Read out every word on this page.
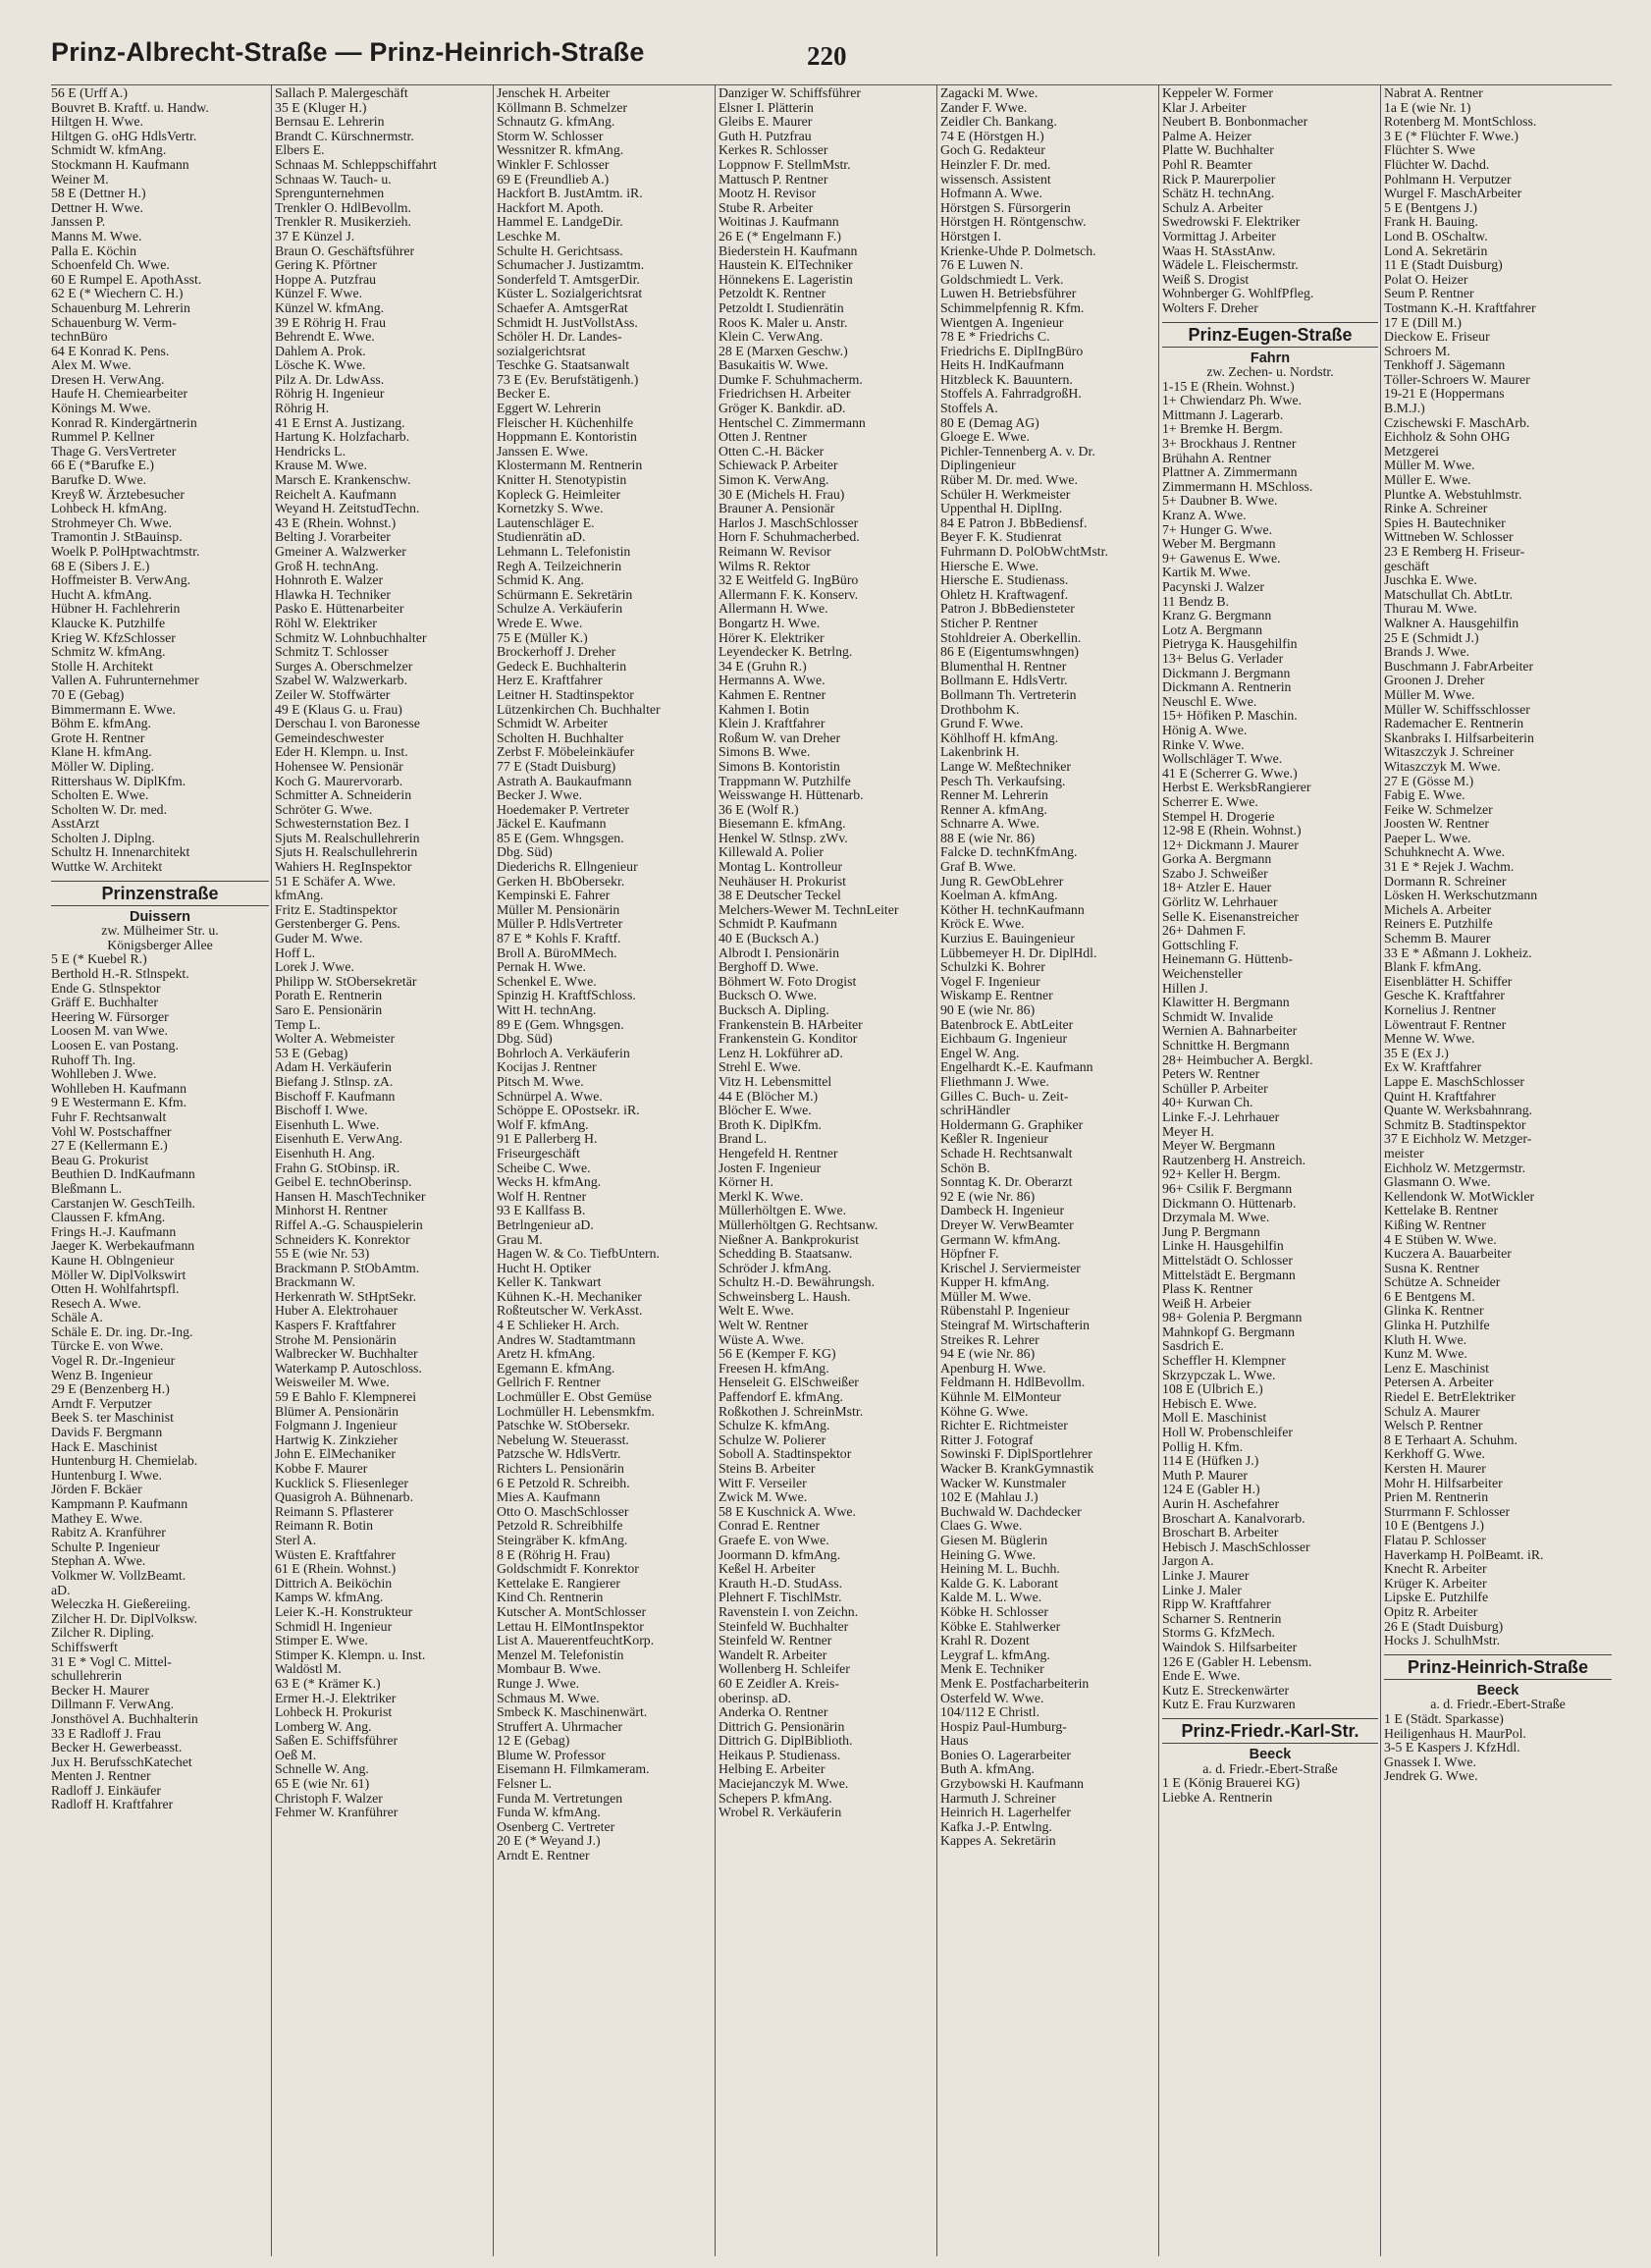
Prinz-Albrecht-Straße — Prinz-Heinrich-Straße	220
56 E (Urff A.)
Bouvret B. Kraftf. u. Handw.
Hiltgen H. Wwe.
Hiltgen G. oHG HdlsVertr.
Schmidt W. kfmAng.
Stockmann H. Kaufmann
Weiner M.
58 E (Dettner H.)
Dettner H. Wwe.
Janssen P.
Manns M. Wwe.
Palla E. Köchin
Schoenfeld Ch. Wwe.
60 E Rumpel E. ApothAsst.
62 E (* Wiechern C. H.)
Schauenburg M. Lehrerin
Schauenburg W. Verm-
technBüro
64 E Konrad K. Pens.
Alex M. Wwe.
Dresen H. VerwAng.
Haufe H. Chemiearbeiter
Könings M. Wwe.
Konrad R. Kindergärtnerin
Rummel P. Kellner
Thage G. VersVertreter
66 E (*Barufke E.)
Barufke D. Wwe.
Kreyß W. Ärztebesucher
Lohbeck H. kfmAng.
Strohmeyer Ch. Wwe.
Tramontin J. StBauinsp.
Woelk P. PolHptwachtmstr.
68 E (Sibers J. E.)
Hoffmeister B. VerwAng.
Hucht A. kfmAng.
Hübner H. Fachlehrerin
Klaucke K. Putzhilfe
Krieg W. KfzSchlosser
Schmitz W. kfmAng.
Stolle H. Architekt
Vallen A. Fuhrunternehmer
70 E (Gebag)
Bimmermann E. Wwe.
Böhm E. kfmAng.
Grote H. Rentner
Klane H. kfmAng.
Möller W. Dipling.
Rittershaus W. DiplKfm.
Scholten E. Wwe.
Scholten W. Dr. med.
AsstArzt
Scholten J. Diplng.
Schultz H. Innenarchitekt
Wuttke W. Architekt
Prinzenstraße
Duissern
zw. Mülheimer Str. u.
Königsberger Allee
5 E (* Kuebel R.)
Berthold H.-R. Stlnspekt.
Ende G. Stlnspektor
Gräff E. Buchhalter
Heering W. Fürsorger
Loosen M. van Wwe.
Loosen E. van Postang.
Ruhoff Th. Ing.
Wohlleben J. Wwe.
Wohlleben H. Kaufmann
9 E Westermann E. Kfm.
Fuhr F. Rechtsanwalt
Vohl W. Postschaffner
27 E (Kellermann E.)
Beau G. Prokurist
Beuthien D. IndKaufmann
Bleßmann L.
Carstanjen W. GeschTeilh.
Claussen F. kfmAng.
Frings H.-J. Kaufmann
Jaeger K. Werbekaufmann
Kaune H. Oblngenieur
Möller W. DiplVolkswirt
Otten H. Wohlfahrtspfl.
Resech A. Wwe.
Schäle A.
Schäle E. Dr. ing. Dr.-Ing.
Türcke E. von Wwe.
Vogel R. Dr.-Ingenieur
Wenz B. Ingenieur
29 E (Benzenberg H.)
Arndt F. Verputzer
Beek S. ter Maschinist
Davids F. Bergmann
Hack E. Maschinist
Huntenburg H. Chemielab.
Huntenburg I. Wwe.
Jörden F. Bckäer
Kampmann P. Kaufmann
Mathey E. Wwe.
Rabitz A. Kranführer
Schulte P. Ingenieur
Stephan A. Wwe.
Volkmer W. VollzBeamt.
aD.
Weleczka H. Gießereiing.
Zilcher H. Dr. DiplVolksw.
Zilcher R. Dipling.
Schiffswerft
31 E * Vogl C. Mittel-
schullehrerin
Becker H. Maurer
Dillmann F. VerwAng.
Jonsthövel A. Buchhalterin
33 E Radloff J. Frau
Becker H. Gewerbeasst.
Jux H. BerufsschKatechet
Menten J. Rentner
Radloff J. Einkäufer
Radloff H. Kraftfahrer
Sallach P. Malergeschäft
35 E (Kluger H.)
Bernsau E. Lehrerin
Brandt C. Kürschnermstr.
Elbers E.
Schnaas M. Schleppschiffahrt
Schnaas W. Tauch- u.
Sprengunternehmen
Trenkler O. HdlBevollm.
Trenkler R. Musikerzieh.
37 E Künzel J.
Braun O. Geschäftsführer
Gering K. Pförtner
Hoppe A. Putzfrau
Künzel F. Wwe.
Künzel W. kfmAng.
39 E Röhrig H. Frau
Behrendt E. Wwe.
Dahlem A. Prok.
Lösche K. Wwe.
Pilz A. Dr. LdwAss.
Röhrig H. Ingenieur
Röhrig H.
41 E Ernst A. Justizang.
Hartung K. Holzfacharb.
Hendricks L.
Krause M. Wwe.
Marsch E. Krankenschw.
Reichelt A. Kaufmann
Weyand H. ZeitstudTechn.
43 E (Rhein. Wohnst.)
Belting J. Vorarbeiter
Gmeiner A. Walzwerker
Groß H. technAng.
Hohnroth E. Walzer
Hlawka H. Techniker
Pasko E. Hüttenarbeiter
Röhl W. Elektriker
Schmitz W. Lohnbuchhalter
Schmitz T. Schlosser
Surges A. Oberschmelzer
Szabel W. Walzwerkarb.
Zeiler W. Stoffwärter
49 E (Klaus G. u. Frau)
Derschau I. von Baronesse
Gemeindeschwester
Eder H. Klempn. u. Inst.
Hohensee W. Pensionär
Koch G. Maurervorarb.
Schmitter A. Schneiderin
Schröter G. Wwe.
Schwesternstation Bez. I
Sjuts M. Realschullehrerin
Sjuts H. Realschullehrerin
Wahiers H. RegInspektor
51 E Schäfer A. Wwe.
kfmAng.
Fritz E. Stadtinspektor
Gerstenberger G. Pens.
Guder M. Wwe.
Hoff L.
Lorek J. Wwe.
Philipp W. StObersekretär
Porath E. Rentnerin
Saro E. Pensionärin
Temp L.
Wolter A. Webmeister
53 E (Gebag)
Adam H. Verkäuferin
Biefang J. Stlnsp. zA.
Bischoff F. Kaufmann
Bischoff I. Wwe.
Eisenhuth L. Wwe.
Eisenhuth E. VerwAng.
Eisenhuth H. Ang.
Frahn G. StObinsp. iR.
Geibel E. technOberinsp.
Hansen H. MaschTechniker
Minhorst H. Rentner
Riffel A.-G. Schauspielerin
Schneiders K. Konrektor
55 E (wie Nr. 53)
Brackmann P. StObAmtm.
Brackmann W.
Herkenrath W. StHptSekr.
Huber A. Elektrohauer
Kaspers F. Kraftfahrer
Strohe M. Pensionärin
Walbrecker W. Buchhalter
Waterkamp P. Autoschloss.
Weisweiler M. Wwe.
59 E Bahlo F. Klempnerei
Blümer A. Pensionärin
Folgmann J. Ingenieur
Hartwig K. Zinkzieher
John E. ElMechaniker
Kobbe F. Maurer
Kucklick S. Fliesenleger
Quasigroh A. Bühnenarb.
Reimann S. Pflasterer
Reimann R. Botin
Sterl A.
Wüsten E. Kraftfahrer
61 E (Rhein. Wohnst.)
Dittrich A. Beiköchin
Kamps W. kfmAng.
Leier K.-H. Konstrukteur
Schmidl H. Ingenieur
Stimper E. Wwe.
Stimper K. Klempn. u. Inst.
Waldöstl M.
63 E (* Krämer K.)
Ermer H.-J. Elektriker
Lohbeck H. Prokurist
Lomberg W. Ang.
Saßen E. Schiffsführer
Oeß M.
Schnelle W. Ang.
65 E (wie Nr. 61)
Christoph F. Walzer
Fehmer W. Kranführer
Jenschek H. Arbeiter
Köllmann B. Schmelzer
Schnautz G. kfmAng.
Storm W. Schlosser
Wessnitzer R. kfmAng.
Winkler F. Schlosser
69 E (Freundlieb A.)
Hackfort B. JustAmtm. iR.
Hackfort M. Apoth.
Hammel E. LandgeDir.
Leschke M.
Schulte H. Gerichtsass.
Schumacher J. Justizamtm.
Sonderfeld T. AmtsgerDir.
Küster L. Sozialgerichtsrat
Schaefer A. AmtsgerRat
Schmidt H. JustVollstAss.
Schöler H. Dr. Landes-
sozialgerichtsrat
Teschke G. Staatsanwalt
73 E (Ev. Berufstätigenh.)
Becker E.
Eggert W. Lehrerin
Fleischer H. Küchenhilfe
Hoppmann E. Kontoristin
Janssen E. Wwe.
Klostermann M. Rentnerin
Knitter H. Stenotypistin
Kopleck G. Heimleiter
Kornetzky S. Wwe.
Lautenschläger E.
Studienrätin aD.
Lehmann L. Telefonistin
Regh A. Teilzeichnerin
Schmid K. Ang.
Schürmann E. Sekretärin
Schulze A. Verkäuferin
Wrede E. Wwe.
75 E (Müller K.)
Brockerhoff J. Dreher
Gedeck E. Buchhalterin
Herz E. Kraftfahrer
Leitner H. Stadtinspektor
Lützenkirchen Ch. Buchhalter
Schmidt W. Arbeiter
Scholten H. Buchhalter
Zerbst F. Möbeleinkäufer
77 E (Stadt Duisburg)
Astrath A. Baukaufmann
Becker J. Wwe.
Hoedemaker P. Vertreter
Jäckel E. Kaufmann
85 E (Gem. Whngsgen.
Dbg. Süd)
Diederichs R. Ellngenieur
Gerken H. BbObersekr.
Kempinski E. Fahrer
Müller M. Pensionärin
Müller P. HdlsVertreter
87 E * Kohls F. Kraftf.
Broll A. BüroMMech.
Pernak H. Wwe.
Schenkel E. Wwe.
Spinzig H. KraftfSchloss.
Witt H. technAng.
89 E (Gem. Whngsgen.
Dbg. Süd)
Bohrloch A. Verkäuferin
Kocijas J. Rentner
Pitsch M. Wwe.
Schnürpel A. Wwe.
Schöppe E. OPostsekr. iR.
Wolf F. kfmAng.
91 E Pallerberg H.
Friseurgeschäft
Scheibe C. Wwe.
Wecks H. kfmAng.
Wolf H. Rentner
93 E Kallfass B.
Betrlngenieur aD.
Grau M.
Hagen W. & Co. TiefbUntern.
Hucht H. Optiker
Keller K. Tankwart
Kühnen K.-H. Mechaniker
Roßteutscher W. VerkAsst.
4 E Schlieker H. Arch.
Andres W. Stadtamtmann
Aretz H. kfmAng.
Egemann E. kfmAng.
Gellrich F. Rentner
Lochmüller E. Obst Gemüse
Lochmüller H. Lebensmkfm.
Patschke W. StObersekr.
Nebelung W. Steuerasst.
Patzsche W. HdlsVertr.
Richters L. Pensionärin
6 E Petzold R. Schreibh.
Mies A. Kaufmann
Otto O. MaschSchlosser
Petzold R. Schreibhilfe
Steingräber K. kfmAng.
8 E (Röhrig H. Frau)
Goldschmidt F. Konrektor
Kettelake E. Rangierer
Kind Ch. Rentnerin
Kutscher A. MontSchlosser
Lettau H. ElMontInspektor
List A. MauerentfeuchtKorp.
Menzel M. Telefonistin
Mombaur B. Wwe.
Runge J. Wwe.
Schmaus M. Wwe.
Smbeck K. Maschinenwärt.
Struffert A. Uhrmacher
12 E (Gebag)
Blume W. Professor
Eisemann H. Filmkameram.
Felsner L.
Funda M. Vertretungen
Funda W. kfmAng.
Osenberg C. Vertreter
20 E (* Weyand J.)
Arndt E. Rentner
Danziger W. Schiffsführer
Elsner I. Plätterin
Gleibs E. Maurer
Guth H. Putzfrau
Kerkes R. Schlosser
Loppnow F. StellmMstr.
Mattusch P. Rentner
Mootz H. Revisor
Stube R. Arbeiter
Woitinas J. Kaufmann
26 E (* Engelmann F.)
Biederstein H. Kaufmann
Haustein K. ElTechniker
Hönnekens E. Lageristin
Petzoldt K. Rentner
Petzoldt I. Studienrätin
Roos K. Maler u. Anstr.
Klein C. VerwAng.
28 E (Marxen Geschw.)
Basukaitis W. Wwe.
Dumke F. Schuhmacherm.
Friedrichsen H. Arbeiter
Gröger K. Bankdir. aD.
Hentschel C. Zimmermann
Otten J. Rentner
Otten C.-H. Bäcker
Schiewack P. Arbeiter
Simon K. VerwAng.
30 E (Michels H. Frau)
Brauner A. Pensionär
Harlos J. MaschSchlosser
Horn F. Schuhmacherbed.
Reimann W. Revisor
Wilms R. Rektor
32 E Weitfeld G. IngBüro
Allermann F. K. Konserv.
Allermann H. Wwe.
Bongartz H. Wwe.
Hörer K. Elektriker
Leyendecker K. Betrlng.
34 E (Gruhn R.)
Hermanns A. Wwe.
Kahmen E. Rentner
Kahmen I. Botin
Klein J. Kraftfahrer
Roßum W. van Dreher
Simons B. Wwe.
Simons B. Kontoristin
Trappmann W. Putzhilfe
Weisswange H. Hüttenarb.
36 E (Wolf R.)
Biesemann E. kfmAng.
Henkel W. Stlnsp. zWv.
Killewald A. Polier
Montag L. Kontrolleur
Neuhäuser H. Prokurist
38 E Deutscher Teckel
Melchers-Wewer M. TechnLeiter
Schmidt P. Kaufmann
40 E (Bucksch A.)
Albrodt I. Pensionärin
Berghoff D. Wwe.
Böhmert W. Foto Drogist
Bucksch O. Wwe.
Bucksch A. Dipling.
Frankenstein B. HArbeiter
Frankenstein G. Konditor
Lenz H. Lokführer aD.
Strehl E. Wwe.
Vitz H. Lebensmittel
44 E (Blöcher M.)
Blöcher E. Wwe.
Broth K. DiplKfm.
Brand L.
Hengefeld H. Rentner
Josten F. Ingenieur
Körner H.
Merkl K. Wwe.
Müllerhöltgen E. Wwe.
Müllerhöltgen G. Rechtsanw.
Nießner A. Bankprokurist
Schedding B. Staatsanw.
Schröder J. kfmAng.
Schultz H.-D. Bewährungsh.
Schweinsberg L. Haush.
Welt E. Wwe.
Welt W. Rentner
Wüste A. Wwe.
56 E (Kemper F. KG)
Freesen H. kfmAng.
Henseleit G. ElSchweißer
Paffendorf E. kfmAng.
Roßkothen J. SchreinMstr.
Schulze K. kfmAng.
Schulze W. Polierer
Soboll A. Stadtinspektor
Steins B. Arbeiter
Witt F. Verseiler
Zwick M. Wwe.
58 E Kuschnick A. Wwe.
Conrad E. Rentner
Graefe E. von Wwe.
Joormann D. kfmAng.
Keßel H. Arbeiter
Krauth H.-D. StudAss.
Plehnert F. TischlMstr.
Ravenstein I. von Zeichn.
Steinfeld W. Buchhalter
Steinfeld W. Rentner
Wandelt R. Arbeiter
Wollenberg H. Schleifer
60 E Zeidler A. Kreis-
oberinsp. aD.
Anderka O. Rentner
Dittrich G. Pensionärin
Dittrich G. DiplBiblioth.
Heikaus P. Studienass.
Helbing E. Arbeiter
Maciejanczyk M. Wwe.
Schepers P. kfmAng.
Wrobel R. Verkäuferin
Zagacki M. Wwe.
Zander F. Wwe.
Zeidler Ch. Bankang.
74 E (Hörstgen H.)
Goch G. Redakteur
Heinzler F. Dr. med.
wissensch. Assistent
Hofmann A. Wwe.
Hörstgen S. Fürsorgerin
Hörstgen H. Röntgenschw.
Hörstgen I.
Krienke-Uhde P. Dolmetsch.
76 E Luwen N.
Goldschmiedt L. Verk.
Luwen H. Betriebsführer
Schimmelpfennig R. Kfm.
Wientgen A. Ingenieur
78 E * Friedrichs C.
Friedrichs E. DiplIngBüro
Heits H. IndKaufmann
Hitzbleck K. Bauuntern.
Stoffels A. FahrradgroßH.
Stoffels A.
80 E (Demag AG)
Gloege E. Wwe.
Pichler-Tennenberg A. v. Dr.
Diplingenieur
Rüber M. Dr. med. Wwe.
Schüler H. Werkmeister
Uppenthal H. DiplIng.
84 E Patron J. BbBediensf.
Beyer F. K. Studienrat
Fuhrmann D. PolObWchtMstr.
Hiersche E. Wwe.
Hiersche E. Studienass.
Ohletz H. Kraftwagenf.
Patron J. BbBediensteter
Sticher P. Rentner
Stohldreier A. Oberkellin.
86 E (Eigentumswhngen)
Blumenthal H. Rentner
Bollmann E. HdlsVertr.
Bollmann Th. Vertreterin
Drothbohm K.
Grund F. Wwe.
Köhlhoff H. kfmAng.
Lakenbrink H.
Lange W. Meßtechniker
Pesch Th. Verkaufsing.
Renner M. Lehrerin
Renner A. kfmAng.
Schnarre A. Wwe.
88 E (wie Nr. 86)
Falcke D. technKfmAng.
Graf B. Wwe.
Jung R. GewObLehrer
Koelman A. kfmAng.
Köther H. technKaufmann
Kröck E. Wwe.
Kurzius E. Bauingenieur
Lübbemeyer H. Dr. DiplHdl.
Schulzki K. Bohrer
Vogel F. Ingenieur
Wiskamp E. Rentner
90 E (wie Nr. 86)
Batenbrock E. AbtLeiter
Eichbaum G. Ingenieur
Engel W. Ang.
Engelhardt K.-E. Kaufmann
Fliethmann J. Wwe.
Gilles C. Buch- u. Zeit-
schriHändler
Holdermann G. Graphiker
Keßler R. Ingenieur
Schade H. Rechtsanwalt
Schön B.
Sonntag K. Dr. Oberarzt
92 E (wie Nr. 86)
Dambeck H. Ingenieur
Dreyer W. VerwBeamter
Germann W. kfmAng.
Höpfner F.
Krischel J. Serviermeister
Kupper H. kfmAng.
Müller M. Wwe.
Rübenstahl P. Ingenieur
Steingraf M. Wirtschafterin
Streikes R. Lehrer
94 E (wie Nr. 86)
Apenburg H. Wwe.
Feldmann H. HdlBevollm.
Kühnle M. ElMonteur
Köhne G. Wwe.
Richter E. Richtmeister
Ritter J. Fotograf
Sowinski F. DiplSportlehrer
Wacker B. KrankGymnastik
Wacker W. Kunstmaler
102 E (Mahlau J.)
Buchwald W. Dachdecker
Claes G. Wwe.
Giesen M. Büglerin
Heining G. Wwe.
Heining M. L. Buchh.
Kalde G. K. Laborant
Kalde M. L. Wwe.
Köbke H. Schlosser
Köbke E. Stahlwerker
Krahl R. Dozent
Leygraf L. kfmAng.
Menk E. Techniker
Menk E. Postfacharbeiterin
Osterfeld W. Wwe.
104/112 E Christl.
Hospiz Paul-Humburg-
Haus
Bonies O. Lagerarbeiter
Buth A. kfmAng.
Grzybowski H. Kaufmann
Harmuth J. Schreiner
Heinrich H. Lagerhelfer
Kafka J.-P. Entwlng.
Kappes A. Sekretärin
Keppeler W. Former
Klar J. Arbeiter
Neubert B. Bonbonmacher
Palme A. Heizer
Platte W. Buchhalter
Pohl R. Beamter
Rick P. Maurerpolier
Schätz H. technAng.
Schulz A. Arbeiter
Swedrowski F. Elektriker
Vormittag J. Arbeiter
Waas H. StAsstAnw.
Wädele L. Fleischermstr.
Weiß S. Drogist
Wohnberger G. WohlfPfleg.
Wolters F. Dreher
Prinz-Eugen-Straße
Fahrn
zw. Zechen- u. Nordstr.
1-15 E (Rhein. Wohnst.)
1+ Chwiendarz Ph. Wwe.
Mittmann J. Lagerarb.
1+ Bremke H. Bergm.
3+ Brockhaus J. Rentner
Brühahn A. Rentner
Plattner A. Zimmermann
Zimmermann H. MSchloss.
5+ Daubner B. Wwe.
Kranz A. Wwe.
7+ Hunger G. Wwe.
Weber M. Bergmann
9+ Gawenus E. Wwe.
Kartik M. Wwe.
Pacynski J. Walzer
11 Bendz B.
Kranz G. Bergmann
Lotz A. Bergmann
Pietryga K. Hausgehilfin
13+ Belus G. Verlader
Dickmann J. Bergmann
Dickmann A. Rentnerin
Neuschl E. Wwe.
15+ Höfiken P. Maschin.
Hönig A. Wwe.
Rinke V. Wwe.
Wollschläger T. Wwe.
41 E (Scherrer G. Wwe.)
Herbst E. WerksbRangierer
Scherrer E. Wwe.
Stempel H. Drogerie
12-98 E (Rhein. Wohnst.)
12+ Dickmann J. Maurer
Gorka A. Bergmann
Szabo J. Schweißer
18+ Atzler E. Hauer
Görlitz W. Lehrhauer
Selle K. Eisenanstreicher
26+ Dahmen F.
Gottschling F.
Heinemann G. Hüttenb-
Weichensteller
Hillen J.
Klawitter H. Bergmann
Schmidt W. Invalide
Wernien A. Bahnarbeiter
Schnittke H. Bergmann
28+ Heimbucher A. Bergkl.
Peters W. Rentner
Schüller P. Arbeiter
40+ Kurwan Ch.
Linke F.-J. Lehrhauer
Meyer H.
Meyer W. Bergmann
Rautzenberg H. Anstreich.
92+ Keller H. Bergm.
96+ Csilik F. Bergmann
Dickmann O. Hüttenarb.
Drzymala M. Wwe.
Jung P. Bergmann
Linke H. Hausgehilfin
Mittelstädt O. Schlosser
Mittelstädt E. Bergmann
Plass K. Rentner
Weiß H. Arbeier
98+ Golenia P. Bergmann
Mahnkopf G. Bergmann
Sasdrich E.
Scheffler H. Klempner
Skrzypczak L. Wwe.
108 E (Ulbrich E.)
Hebisch E. Wwe.
Moll E. Maschinist
Holl W. Probenschleifer
Pollig H. Kfm.
114 E (Hüfken J.)
Muth P. Maurer
124 E (Gabler H.)
Aurin H. Aschefahrer
Broschart A. Kanalvorarb.
Broschart B. Arbeiter
Hebisch J. MaschSchlosser
Jargon A.
Linke J. Maurer
Linke J. Maler
Ripp W. Kraftfahrer
Scharner S. Rentnerin
Storms G. KfzMech.
Waindok S. Hilfsarbeiter
126 E (Gabler H. Lebensm.
Ende E. Wwe.
Kutz E. Streckenwärter
Kutz E. Frau Kurzwaren
Prinz-Friedr.-Karl-Str.
Beeck
a. d. Friedr.-Ebert-Straße
1 E (König Brauerei KG)
Liebke A. Rentnerin
Nabrat A. Rentner
1a E (wie Nr. 1)
Rotenberg M. MontSchloss.
3 E (* Flüchter F. Wwe.)
Flüchter S. Wwe
Flüchter W. Dachd.
Pohlmann H. Verputzer
Wurgel F. MaschArbeiter
5 E (Bentgens J.)
Frank H. Bauing.
Lond B. OSchaltw.
Lond A. Sekretärin
11 E (Stadt Duisburg)
Polat O. Heizer
Seum P. Rentner
Tostmann K.-H. Kraftfahrer
17 E (Dill M.)
Dieckow E. Friseur
Schroers M.
Tenkhoff J. Sägemann
Töller-Schroers W. Maurer
19-21 E (Hoppermans
B.M.J.)
Czischewski F. MaschArb.
Eichholz & Sohn OHG
Metzgerei
Müller M. Wwe.
Müller E. Wwe.
Pluntke A. Webstuhlmstr.
Rinke A. Schreiner
Spies H. Bautechniker
Wittneben W. Schlosser
23 E Remberg H. Friseur-
geschäft
Juschka E. Wwe.
Matschullat Ch. AbtLtr.
Thurau M. Wwe.
Walkner A. Hausgehilfin
25 E (Schmidt J.)
Brands J. Wwe.
Buschmann J. FabrArbeiter
Groonen J. Dreher
Müller M. Wwe.
Müller W. Schiffsschlosser
Rademacher E. Rentnerin
Skanbraks I. Hilfsarbeiterin
Witaszczyk J. Schreiner
Witaszczyk M. Wwe.
27 E (Gösse M.)
Fabig E. Wwe.
Feike W. Schmelzer
Joosten W. Rentner
Paeper L. Wwe.
Schuhknecht A. Wwe.
31 E * Rejek J. Wachm.
Dormann R. Schreiner
Lösken H. Werkschutzmann
Michels A. Arbeiter
Reiners E. Putzhilfe
Schemm B. Maurer
33 E * Aßmann J. Lokheiz.
Blank F. kfmAng.
Eisenblätter H. Schiffer
Gesche K. Kraftfahrer
Kornelius J. Rentner
Löwentraut F. Rentner
Menne W. Wwe.
35 E (Ex J.)
Ex W. Kraftfahrer
Lappe E. MaschSchlosser
Quint H. Kraftfahrer
Quante W. Werksbahnrang.
Schmitz B. Stadtinspektor
37 E Eichholz W. Metzger-
meister
Eichholz W. Metzgermstr.
Glasmann O. Wwe.
Kellendonk W. MotWickler
Kettelake B. Rentner
Kißing W. Rentner
4 E Stüben W. Wwe.
Kuczera A. Bauarbeiter
Susna K. Rentner
Schütze A. Schneider
6 E Bentgens M.
Glinka K. Rentner
Glinka H. Putzhilfe
Kluth H. Wwe.
Kunz M. Wwe.
Lenz E. Maschinist
Petersen A. Arbeiter
Riedel E. BetrElektriker
Schulz A. Maurer
Welsch P. Rentner
8 E Terhaart A. Schuhm.
Kerkhoff G. Wwe.
Kersten H. Maurer
Mohr H. Hilfsarbeiter
Prien M. Rentnerin
Sturrmann F. Schlosser
10 E (Bentgens J.)
Flatau P. Schlosser
Haverkamp H. PolBeamt. iR.
Knecht R. Arbeiter
Krüger K. Arbeiter
Lipske E. Putzhilfe
Opitz R. Arbeiter
26 E (Stadt Duisburg)
Hocks J. SchulhMstr.
Prinz-Heinrich-Straße
Beeck
a. d. Friedr.-Ebert-Straße
1 E (Städt. Sparkasse)
Heiligenhaus H. MaurPol.
3-5 E Kaspers J. KfzHdl.
Gnassek I. Wwe.
Jendrek G. Wwe.
